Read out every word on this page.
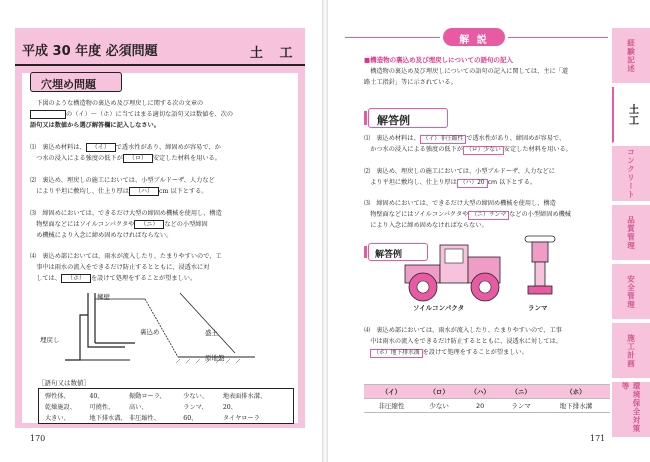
平成 30 年度 必須問題	土 工
穴埋め問題
　下図のような構造物の裏込め及び埋戻しに関する次の文章の
　　　　の（イ）～（ホ）に当てはまる適切な語句又は数値を、次の
語句又は数値から選び解答欄に記入しなさい。
⑴　裏込め材料は、 （イ） で透水性があり、締固めが容易で、か
　つ水の浸入による強度の低下が （ロ） 安定した材料を用いる。
⑵　裏込め、埋戻しの施工においては、小型ブルドーザ、人力など
　により平坦に敷均し、仕上り厚は （ハ） cm 以下とする。
⑶　締固めにおいては、できるだけ大型の締固め機械を使用し、構造
　物壁面などにはソイルコンパクタや （ニ） などの小型締固
　め機械により入念に締め固めなければならない。
⑷　裏込め部においては、雨水が流入したり、たまりやすいので、工
　事中は雨水の流入をできるだけ防止するとともに、浸透水に対
　しては、 （ホ） を設けて処理をすることが望ましい。
擁壁
裏込め	盛土
埋戻し
原地盤
［語句又は数値］
弾性体、	40、	振動ローラ、	少ない、	地表面排水溝、
乾燥施設、	可撓性、	高い、	ランマ、	20、
大きい、	地下排水溝、 非圧縮性、	60、	タイヤローラ
170
解 説
■構造物の裏込め及び埋戻しについての語句の記入
　構造物の裏込め及び埋戻しについての語句の記入に関しては、主に「道
路土工指針」等に示されている。
解答例
⑴　裏込め材料は、 （イ）非圧縮性 で透水性があり、締固めが容易で、
　かつ水の浸入による強度の低下が （ロ）少ない 安定した材料を用いる。
⑵　裏込め、埋戻しの施工においては、小型ブルドーザ、人力などに
　より平坦に敷均し、仕上り厚は （ハ）20 cm 以下とする。
⑶　締固めにおいては、できるだけ大型の締固め機械を使用し、構造
　物壁面などにはソイルコンパクタや （ニ）ランマ などの小型締固め機械
　により入念に締め固めなければならない。
解答例
ソイルコンパクタ	ランマ
⑷　裏込め部においては、雨水が流入したり、たまりやすいので、工事
　中は雨水の流入をできるだけ防止するとともに、浸透水に対しては、
　（ホ）地下排水溝 を設けて処理をすることが望ましい。
（イ）	（ロ）	（ハ）	（ニ）	（ホ）
非圧縮性	少ない	20	ランマ	地下排水溝
171
経験記述
土工
コンクリート
品質管理
安全管理
施工計画
環境保全対策等
